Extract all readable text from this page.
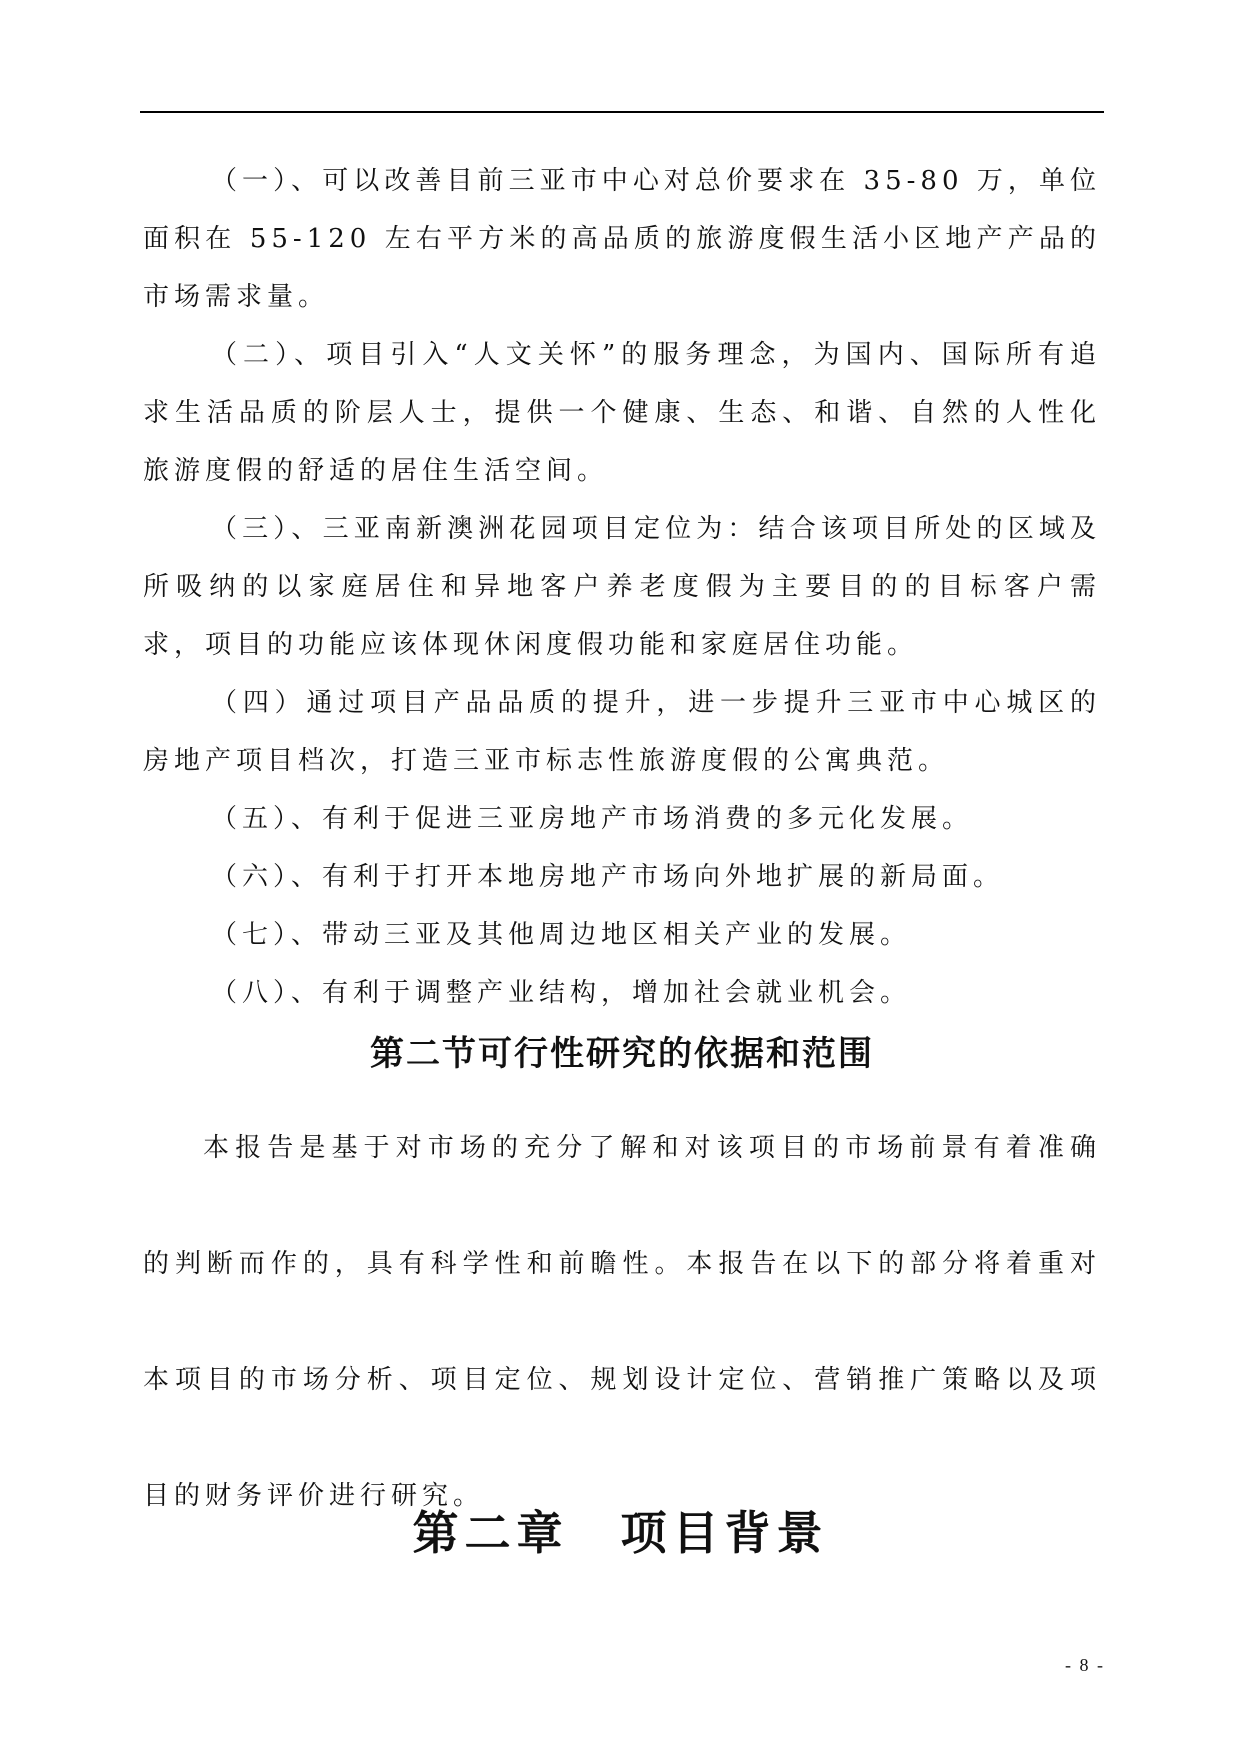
（一）、可以改善目前三亚市中心对总价要求在 35-80 万，单位面积在 55-120 左右平方米的高品质的旅游度假生活小区地产产品的市场需求量。

（二）、项目引入“人文关怀”的服务理念，为国内、国际所有追求生活品质的阶层人士，提供一个健康、生态、和谐、自然的人性化旅游度假的舒适的居住生活空间。

（三）、三亚南新澳洲花园项目定位为：结合该项目所处的区域及所吸纳的以家庭居住和异地客户养老度假为主要目的的目标客户需求，项目的功能应该体现休闲度假功能和家庭居住功能。

（四）通过项目产品品质的提升，进一步提升三亚市中心城区的房地产项目档次，打造三亚市标志性旅游度假的公寓典范。

（五）、有利于促进三亚房地产市场消费的多元化发展。

（六）、有利于打开本地房地产市场向外地扩展的新局面。

（七）、带动三亚及其他周边地区相关产业的发展。

（八）、有利于调整产业结构，增加社会就业机会。

第二节可行性研究的依据和范围

本报告是基于对市场的充分了解和对该项目的市场前景有着准确的判断而作的，具有科学性和前瞻性。本报告在以下的部分将着重对本项目的市场分析、项目定位、规划设计定位、营销推广策略以及项目的财务评价进行研究。

第二章　项目背景
- 8 -
